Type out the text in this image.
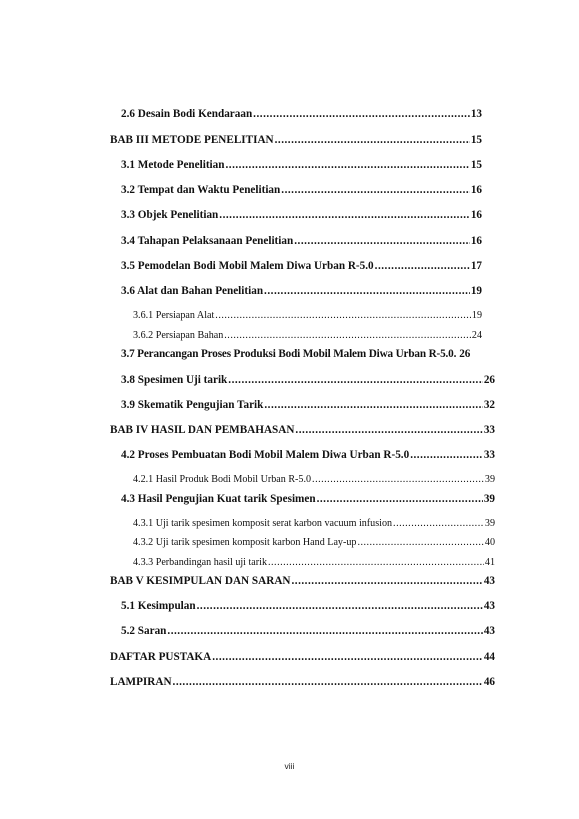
2.6 Desain Bodi Kendaraan .....	13
BAB III METODE PENELITIAN .....	15
3.1 Metode Penelitian .....	15
3.2 Tempat dan Waktu Penelitian .....	16
3.3 Objek Penelitian .....	16
3.4 Tahapan Pelaksanaan Penelitian .....	16
3.5 Pemodelan Bodi Mobil Malem Diwa Urban R-5.0 .....	17
3.6 Alat dan Bahan Penelitian .....	19
3.6.1 Persiapan Alat .....	19
3.6.2 Persiapan Bahan .....	24
3.7 Perancangan Proses Produksi Bodi Mobil Malem Diwa Urban R-5.0. 26
3.8 Spesimen Uji tarik .....	26
3.9 Skematik Pengujian Tarik .....	32
BAB IV HASIL DAN PEMBAHASAN .....	33
4.2 Proses Pembuatan Bodi Mobil Malem Diwa Urban R-5.0 .....	33
4.2.1 Hasil Produk Bodi Mobil Urban R-5.0 .....	39
4.3 Hasil Pengujian Kuat tarik Spesimen .....	39
4.3.1 Uji tarik spesimen komposit serat karbon vacuum infusion .....	39
4.3.2 Uji tarik spesimen komposit karbon Hand Lay-up .....	40
4.3.3 Perbandingan hasil uji tarik .....	41
BAB V KESIMPULAN DAN SARAN .....	43
5.1 Kesimpulan .....	43
5.2 Saran .....	43
DAFTAR PUSTAKA .....	44
LAMPIRAN .....	46
viii
